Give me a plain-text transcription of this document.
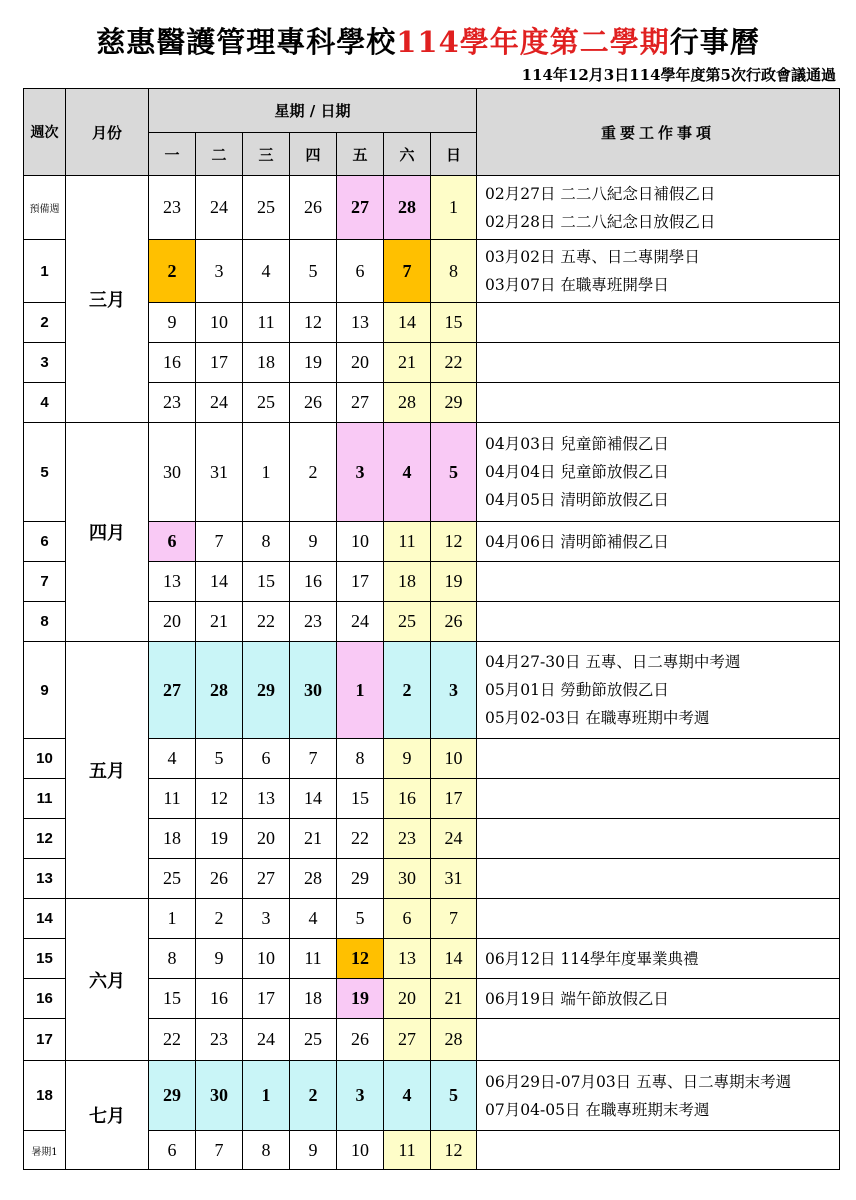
慈惠醫護管理專科學校114學年度第二學期行事曆
114年12月3日114學年度第5次行政會議通過
週次	月份	星期 / 日期							重要工作事項
		一	二	三	四	五	六	日	
預備週	三月	23	24	25	26	27	28	1	02月27日 二二八紀念日補假乙日
02月28日 二二八紀念日放假乙日

1		2	3	4	5	6	7	8	03月02日 五專、日二專開學日
03月07日 在職專班開學日

2		9	10	11	12	13	14	15	
3		16	17	18	19	20	21	22	
4		23	24	25	26	27	28	29	
5	四月	30	31	1	2	3	4	5	04月03日 兒童節補假乙日
04月04日 兒童節放假乙日
04月05日 清明節放假乙日

6		6	7	8	9	10	11	12	04月06日 清明節補假乙日

7		13	14	15	16	17	18	19	
8		20	21	22	23	24	25	26	
9	五月	27	28	29	30	1	2	3	04月27-30日 五專、日二專期中考週
05月01日 勞動節放假乙日
05月02-03日 在職專班期中考週

10		4	5	6	7	8	9	10	
11		11	12	13	14	15	16	17	
12		18	19	20	21	22	23	24	
13		25	26	27	28	29	30	31	
14	六月	1	2	3	4	5	6	7	
15		8	9	10	11	12	13	14	06月12日 114學年度畢業典禮

16		15	16	17	18	19	20	21	06月19日 端午節放假乙日

17		22	23	24	25	26	27	28	
18	七月	29	30	1	2	3	4	5	06月29日-07月03日 五專、日二專期末考週
07月04-05日 在職專班期末考週

暑期1		6	7	8	9	10	11	12	
